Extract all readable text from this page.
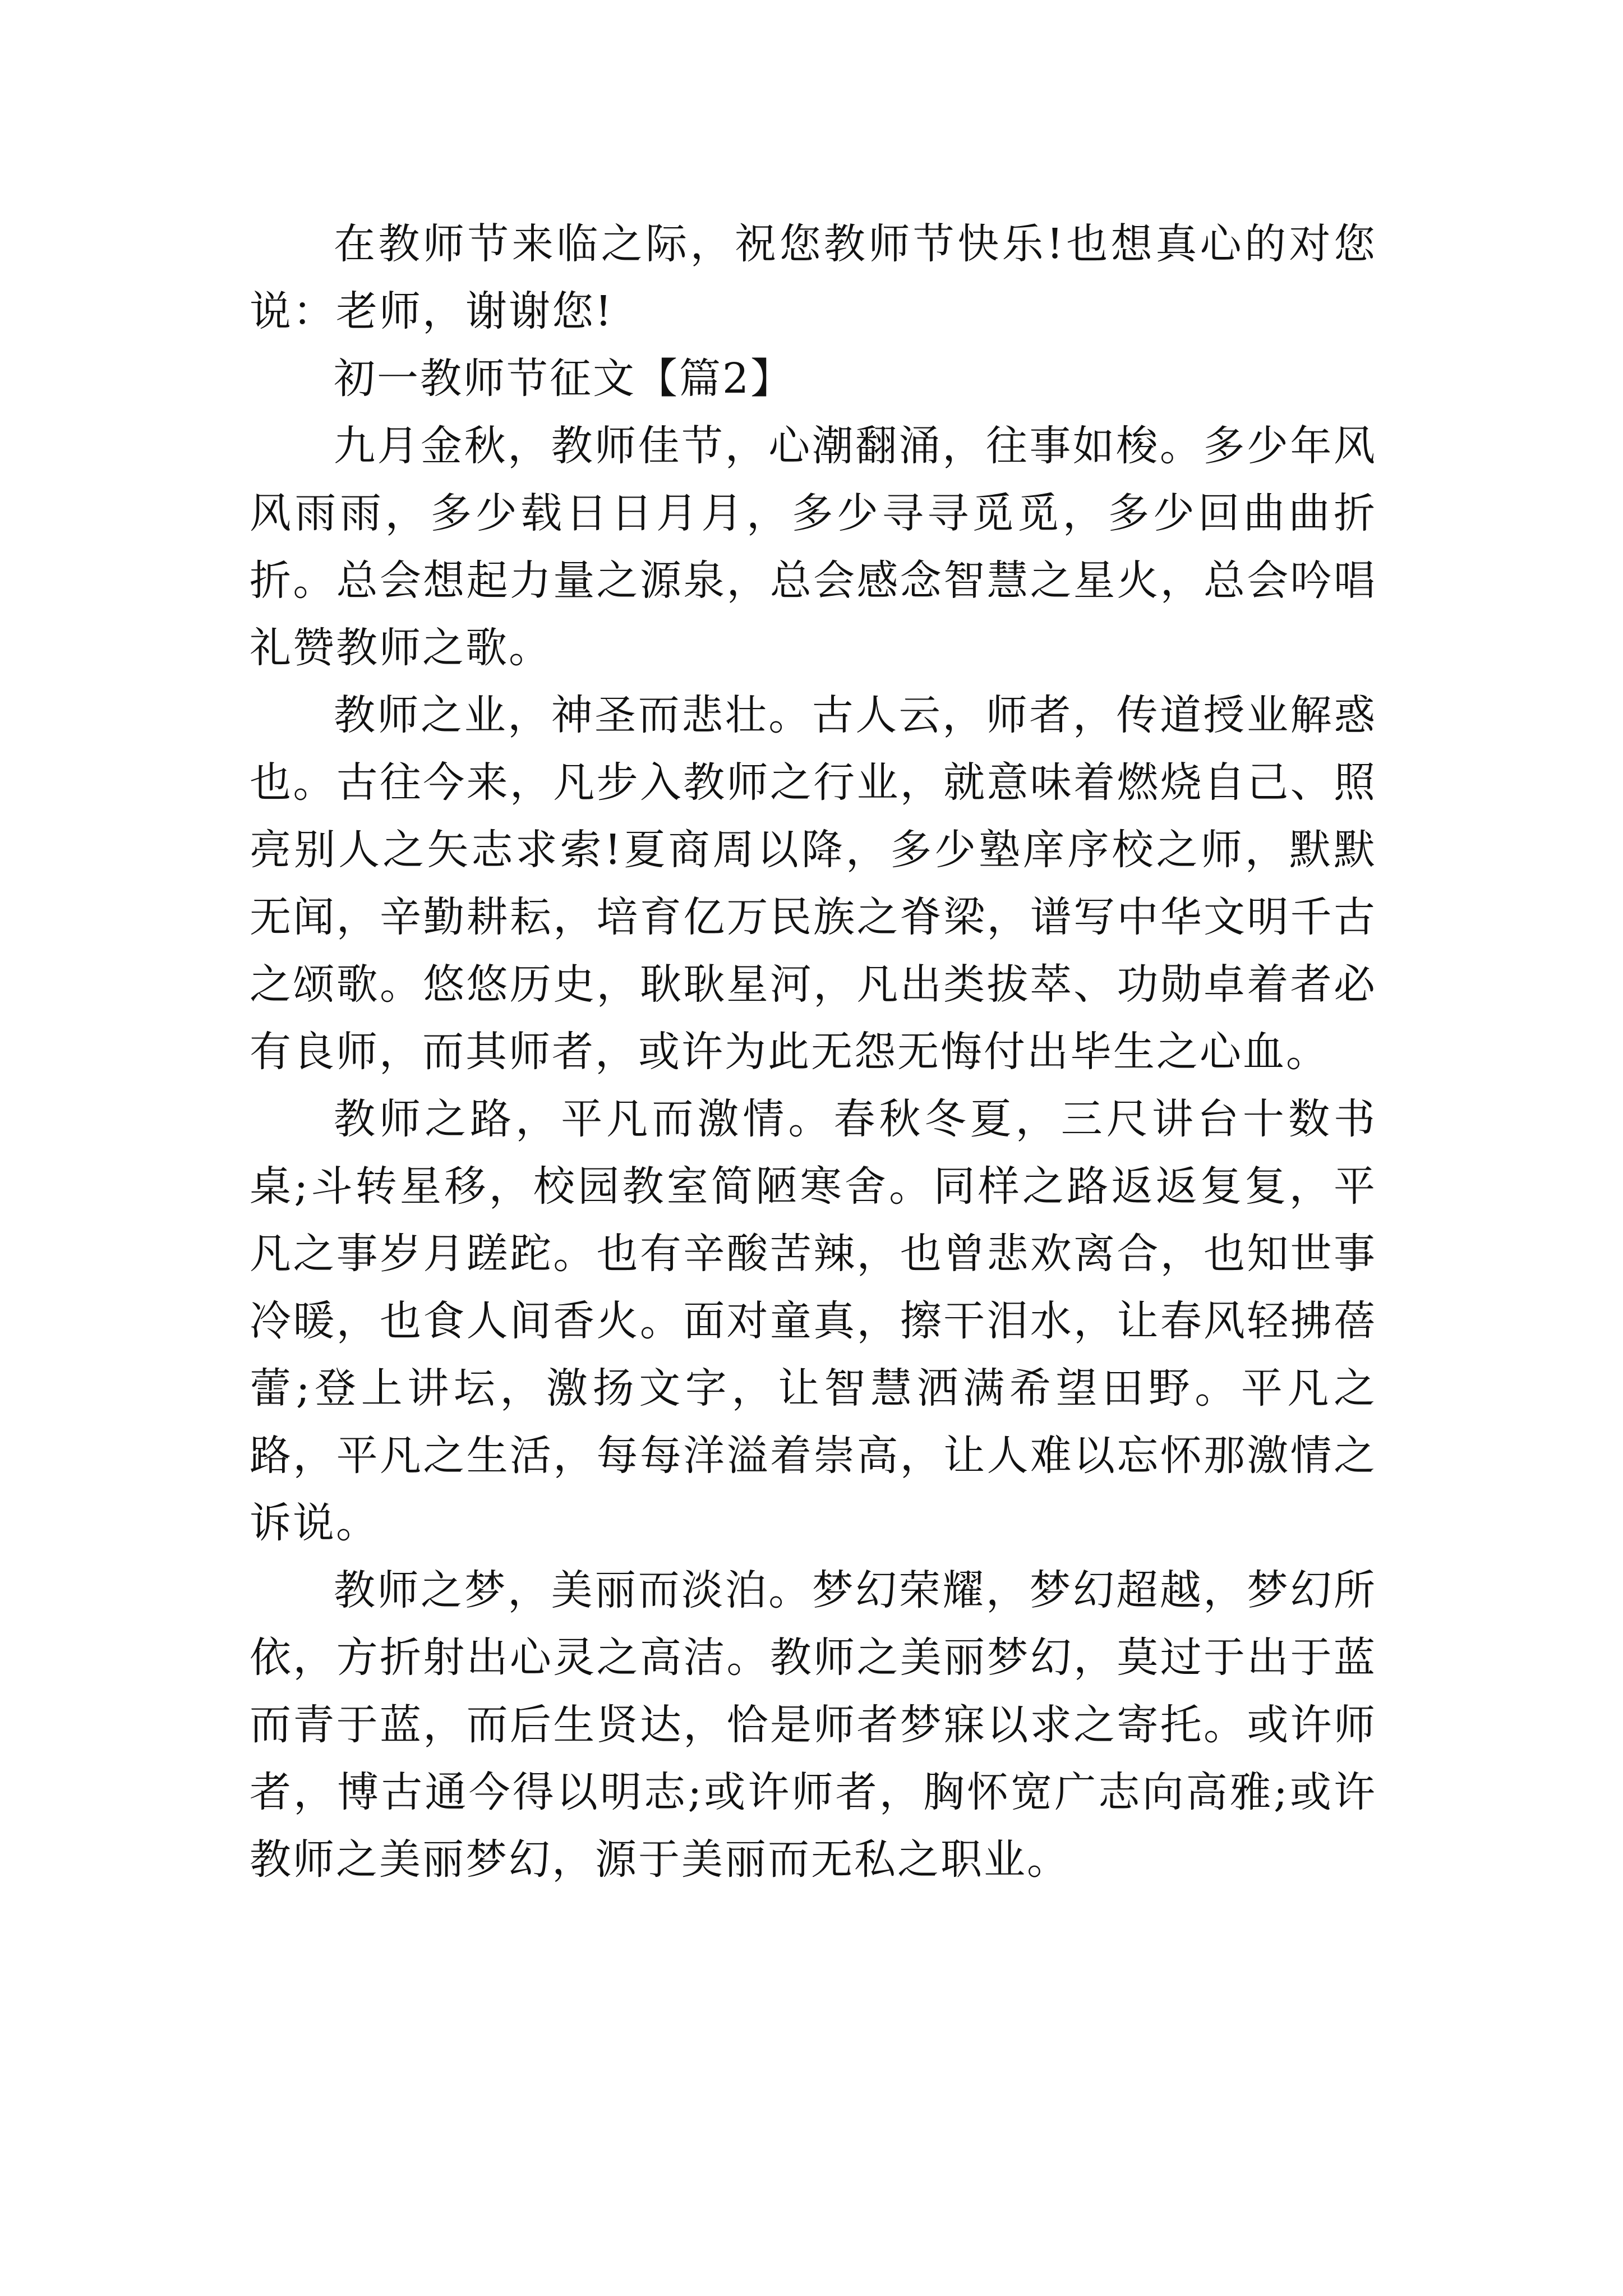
在教师节来临之际，祝您教师节快乐!也想真心的对您说：老师，谢谢您!

初一教师节征文【篇2】

九月金秋，教师佳节，心潮翻涌，往事如梭。多少年风风雨雨，多少载日日月月，多少寻寻觅觅，多少回曲曲折折。总会想起力量之源泉，总会感念智慧之星火，总会吟唱礼赞教师之歌。

教师之业，神圣而悲壮。古人云，师者，传道授业解惑也。古往今来，凡步入教师之行业，就意味着燃烧自己、照亮别人之矢志求索!夏商周以降，多少塾庠序校之师，默默无闻，辛勤耕耘，培育亿万民族之脊梁，谱写中华文明千古之颂歌。悠悠历史，耿耿星河，凡出类拔萃、功勋卓着者必有良师，而其师者，或许为此无怨无悔付出毕生之心血。

教师之路，平凡而激情。春秋冬夏，三尺讲台十数书桌;斗转星移，校园教室简陋寒舍。同样之路返返复复，平凡之事岁月蹉跎。也有辛酸苦辣，也曾悲欢离合，也知世事冷暖，也食人间香火。面对童真，擦干泪水，让春风轻拂蓓蕾;登上讲坛，激扬文字，让智慧洒满希望田野。平凡之路，平凡之生活，每每洋溢着崇高，让人难以忘怀那激情之诉说。

教师之梦，美丽而淡泊。梦幻荣耀，梦幻超越，梦幻所依，方折射出心灵之高洁。教师之美丽梦幻，莫过于出于蓝而青于蓝，而后生贤达，恰是师者梦寐以求之寄托。或许师者，博古通今得以明志;或许师者，胸怀宽广志向高雅;或许教师之美丽梦幻，源于美丽而无私之职业。
